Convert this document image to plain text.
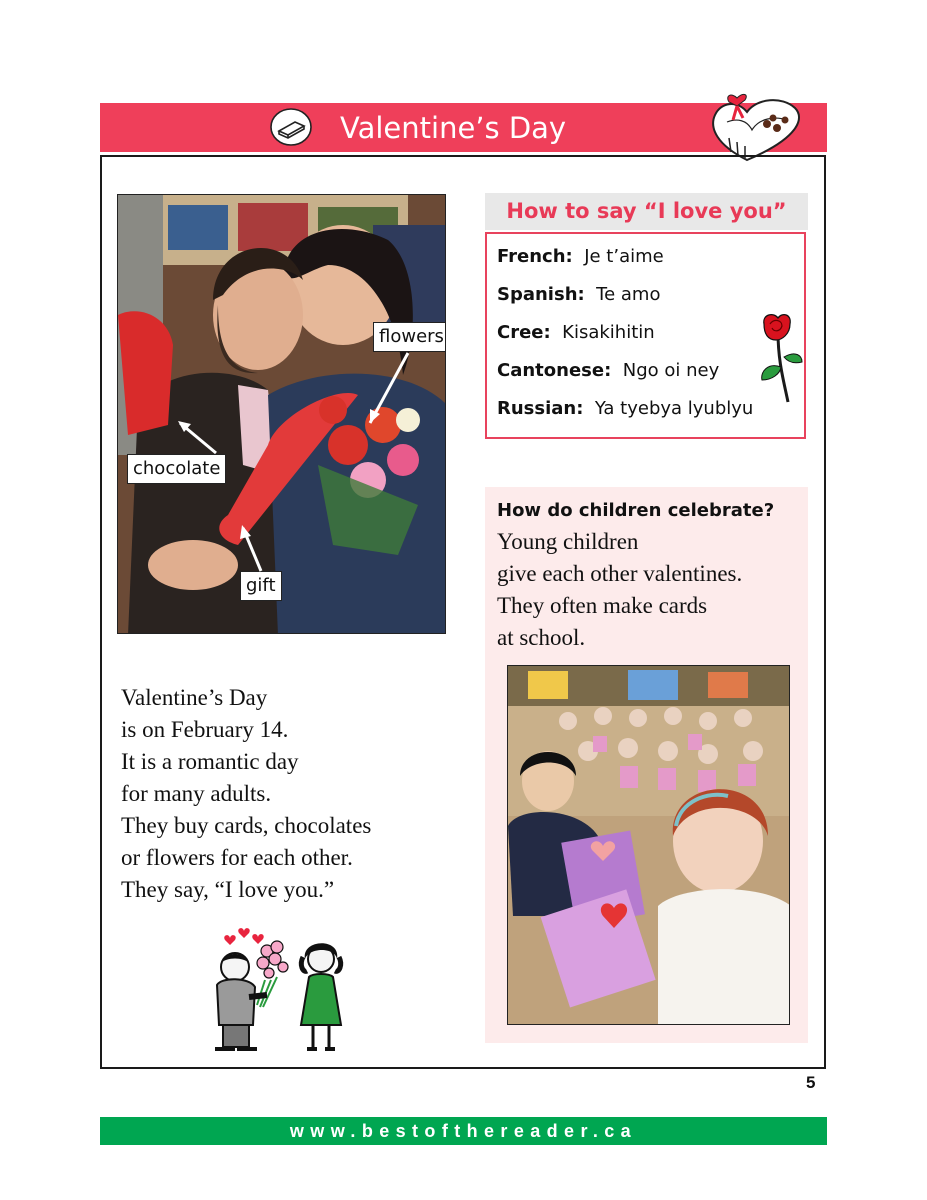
Valentine’s Day
flowers
chocolate
gift
How to say “I love you”
French: Je t’aime
Spanish: Te amo
Cree: Kisakihitin
Cantonese: Ngo oi ney
Russian: Ya tyebya lyublyu
How do children celebrate?
Young children
give each other valentines.
They often make cards
at school.
Valentine’s Day
is on February 14.
It is a romantic day
for many adults.
They buy cards, chocolates
or flowers for each other.
They say, “I love you.”
5
www.bestofthereader.ca
